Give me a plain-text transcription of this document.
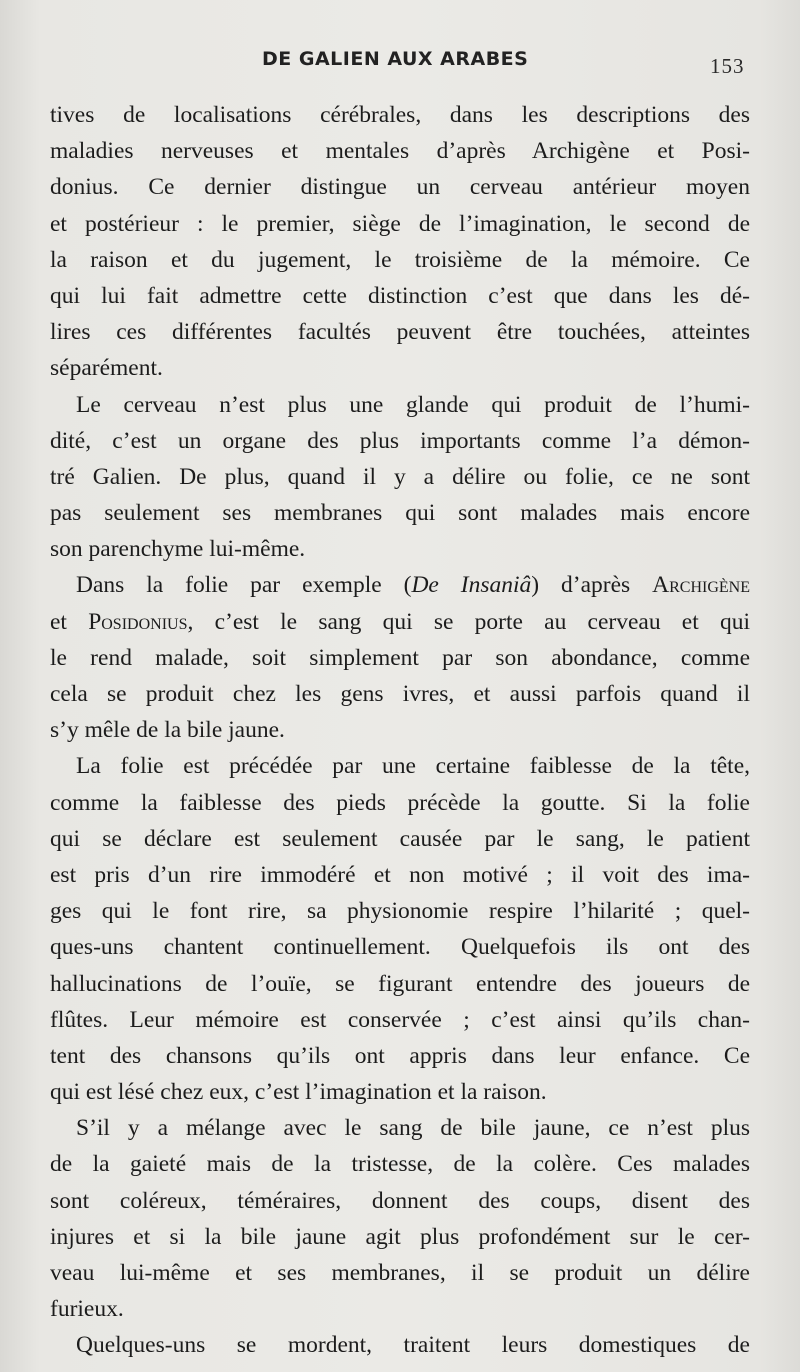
DE GALIEN AUX ARABES	153
tives de localisations cérébrales, dans les descriptions des
maladies nerveuses et mentales d’après Archigène et Posi-
donius. Ce dernier distingue un cerveau antérieur moyen
et postérieur : le premier, siège de l’imagination, le second de
la raison et du jugement, le troisième de la mémoire. Ce
qui lui fait admettre cette distinction c’est que dans les dé-
lires ces différentes facultés peuvent être touchées, atteintes
séparément.
Le cerveau n’est plus une glande qui produit de l’humi-
dité, c’est un organe des plus importants comme l’a démon-
tré Galien. De plus, quand il y a délire ou folie, ce ne sont
pas seulement ses membranes qui sont malades mais encore
son parenchyme lui-même.
Dans la folie par exemple (De Insaniâ) d’après Archigène
et Posidonius, c’est le sang qui se porte au cerveau et qui
le rend malade, soit simplement par son abondance, comme
cela se produit chez les gens ivres, et aussi parfois quand il
s’y mêle de la bile jaune.
La folie est précédée par une certaine faiblesse de la tête,
comme la faiblesse des pieds précède la goutte. Si la folie
qui se déclare est seulement causée par le sang, le patient
est pris d’un rire immodéré et non motivé ; il voit des ima-
ges qui le font rire, sa physionomie respire l’hilarité ; quel-
ques-uns chantent continuellement. Quelquefois ils ont des
hallucinations de l’ouïe, se figurant entendre des joueurs de
flûtes. Leur mémoire est conservée ; c’est ainsi qu’ils chan-
tent des chansons qu’ils ont appris dans leur enfance. Ce
qui est lésé chez eux, c’est l’imagination et la raison.
S’il y a mélange avec le sang de bile jaune, ce n’est plus
de la gaieté mais de la tristesse, de la colère. Ces malades
sont coléreux, téméraires, donnent des coups, disent des
injures et si la bile jaune agit plus profondément sur le cer-
veau lui-même et ses membranes, il se produit un délire
furieux.
Quelques-uns se mordent, traitent leurs domestiques de
